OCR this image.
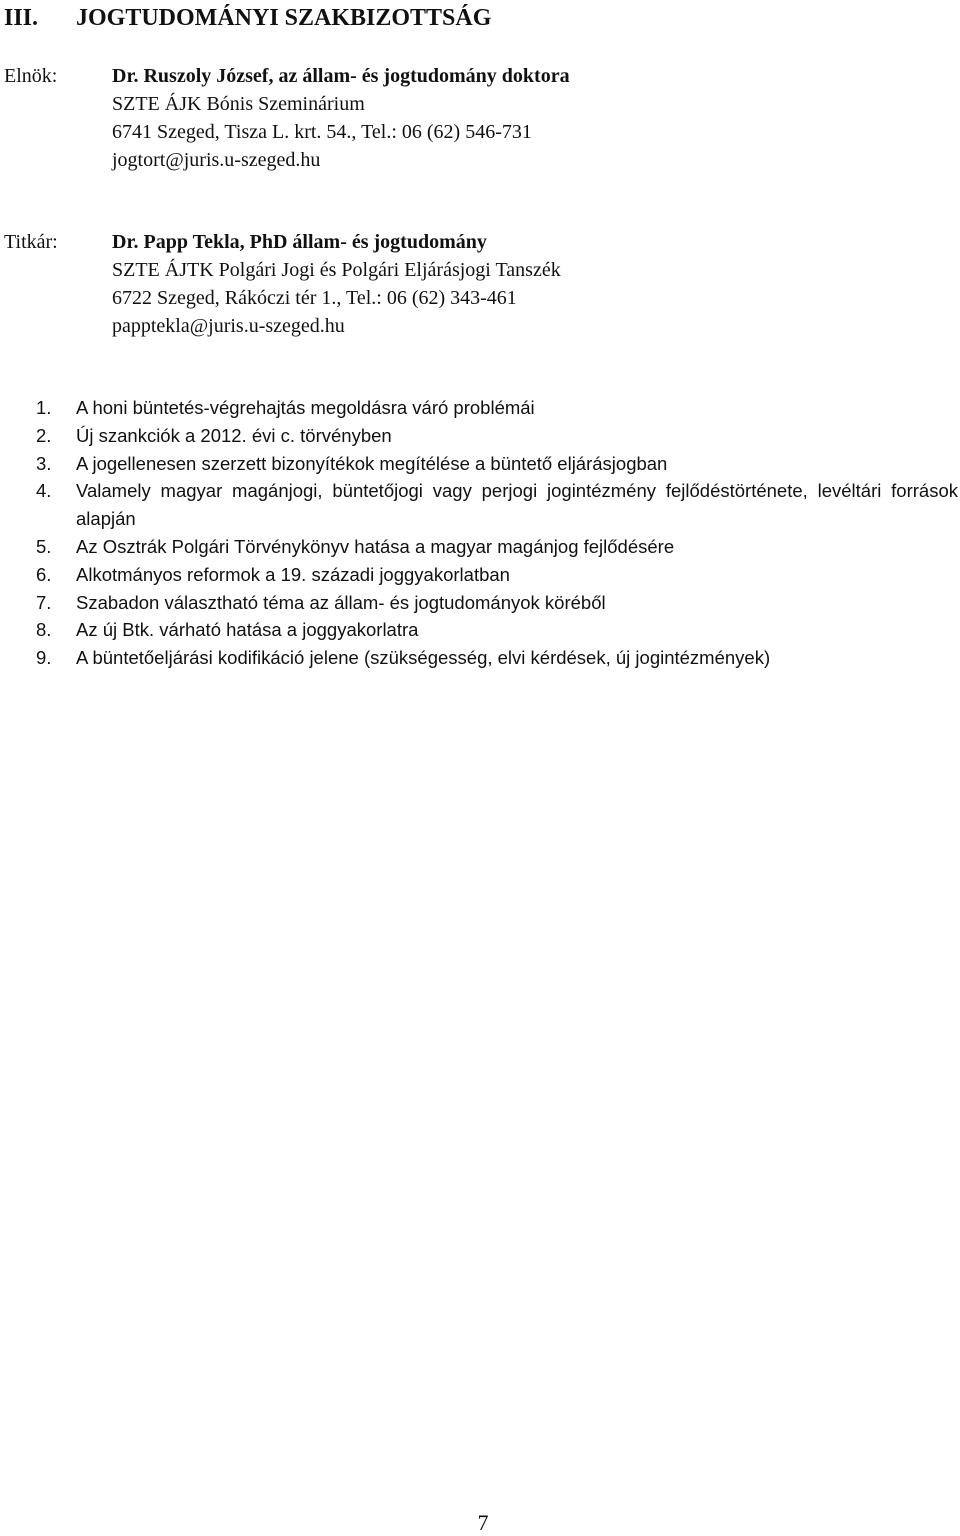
III. JOGTUDOMÁNYI SZAKBIZOTTSÁG
Elnök:	Dr. Ruszoly József, az állam- és jogtudomány doktora
SZTE ÁJK Bónis Szeminárium
6741 Szeged, Tisza L. krt. 54., Tel.: 06 (62) 546-731
jogtort@juris.u-szeged.hu
Titkár:	Dr. Papp Tekla, PhD állam- és jogtudomány
SZTE ÁJTK Polgári Jogi és Polgári Eljárásjogi Tanszék
6722 Szeged, Rákóczi tér 1., Tel.: 06 (62) 343-461
papptekla@juris.u-szeged.hu
1. A honi büntetés-végrehajtás megoldásra váró problémái
2. Új szankciók a 2012. évi c. törvényben
3. A jogellenesen szerzett bizonyítékok megítélése a büntető eljárásjogban
4. Valamely magyar magánjogi, büntetőjogi vagy perjogi jogintézmény fejlődéstörténete, levéltári források alapján
5. Az Osztrák Polgári Törvénykönyv hatása a magyar magánjog fejlődésére
6. Alkotmányos reformok a 19. századi joggyakorlatban
7. Szabadon választható téma az állam- és jogtudományok köréből
8. Az új Btk. várható hatása a joggyakorlatra
9. A büntetőeljárási kodifikáció jelene (szükségesség, elvi kérdések, új jogintézmények)
7
